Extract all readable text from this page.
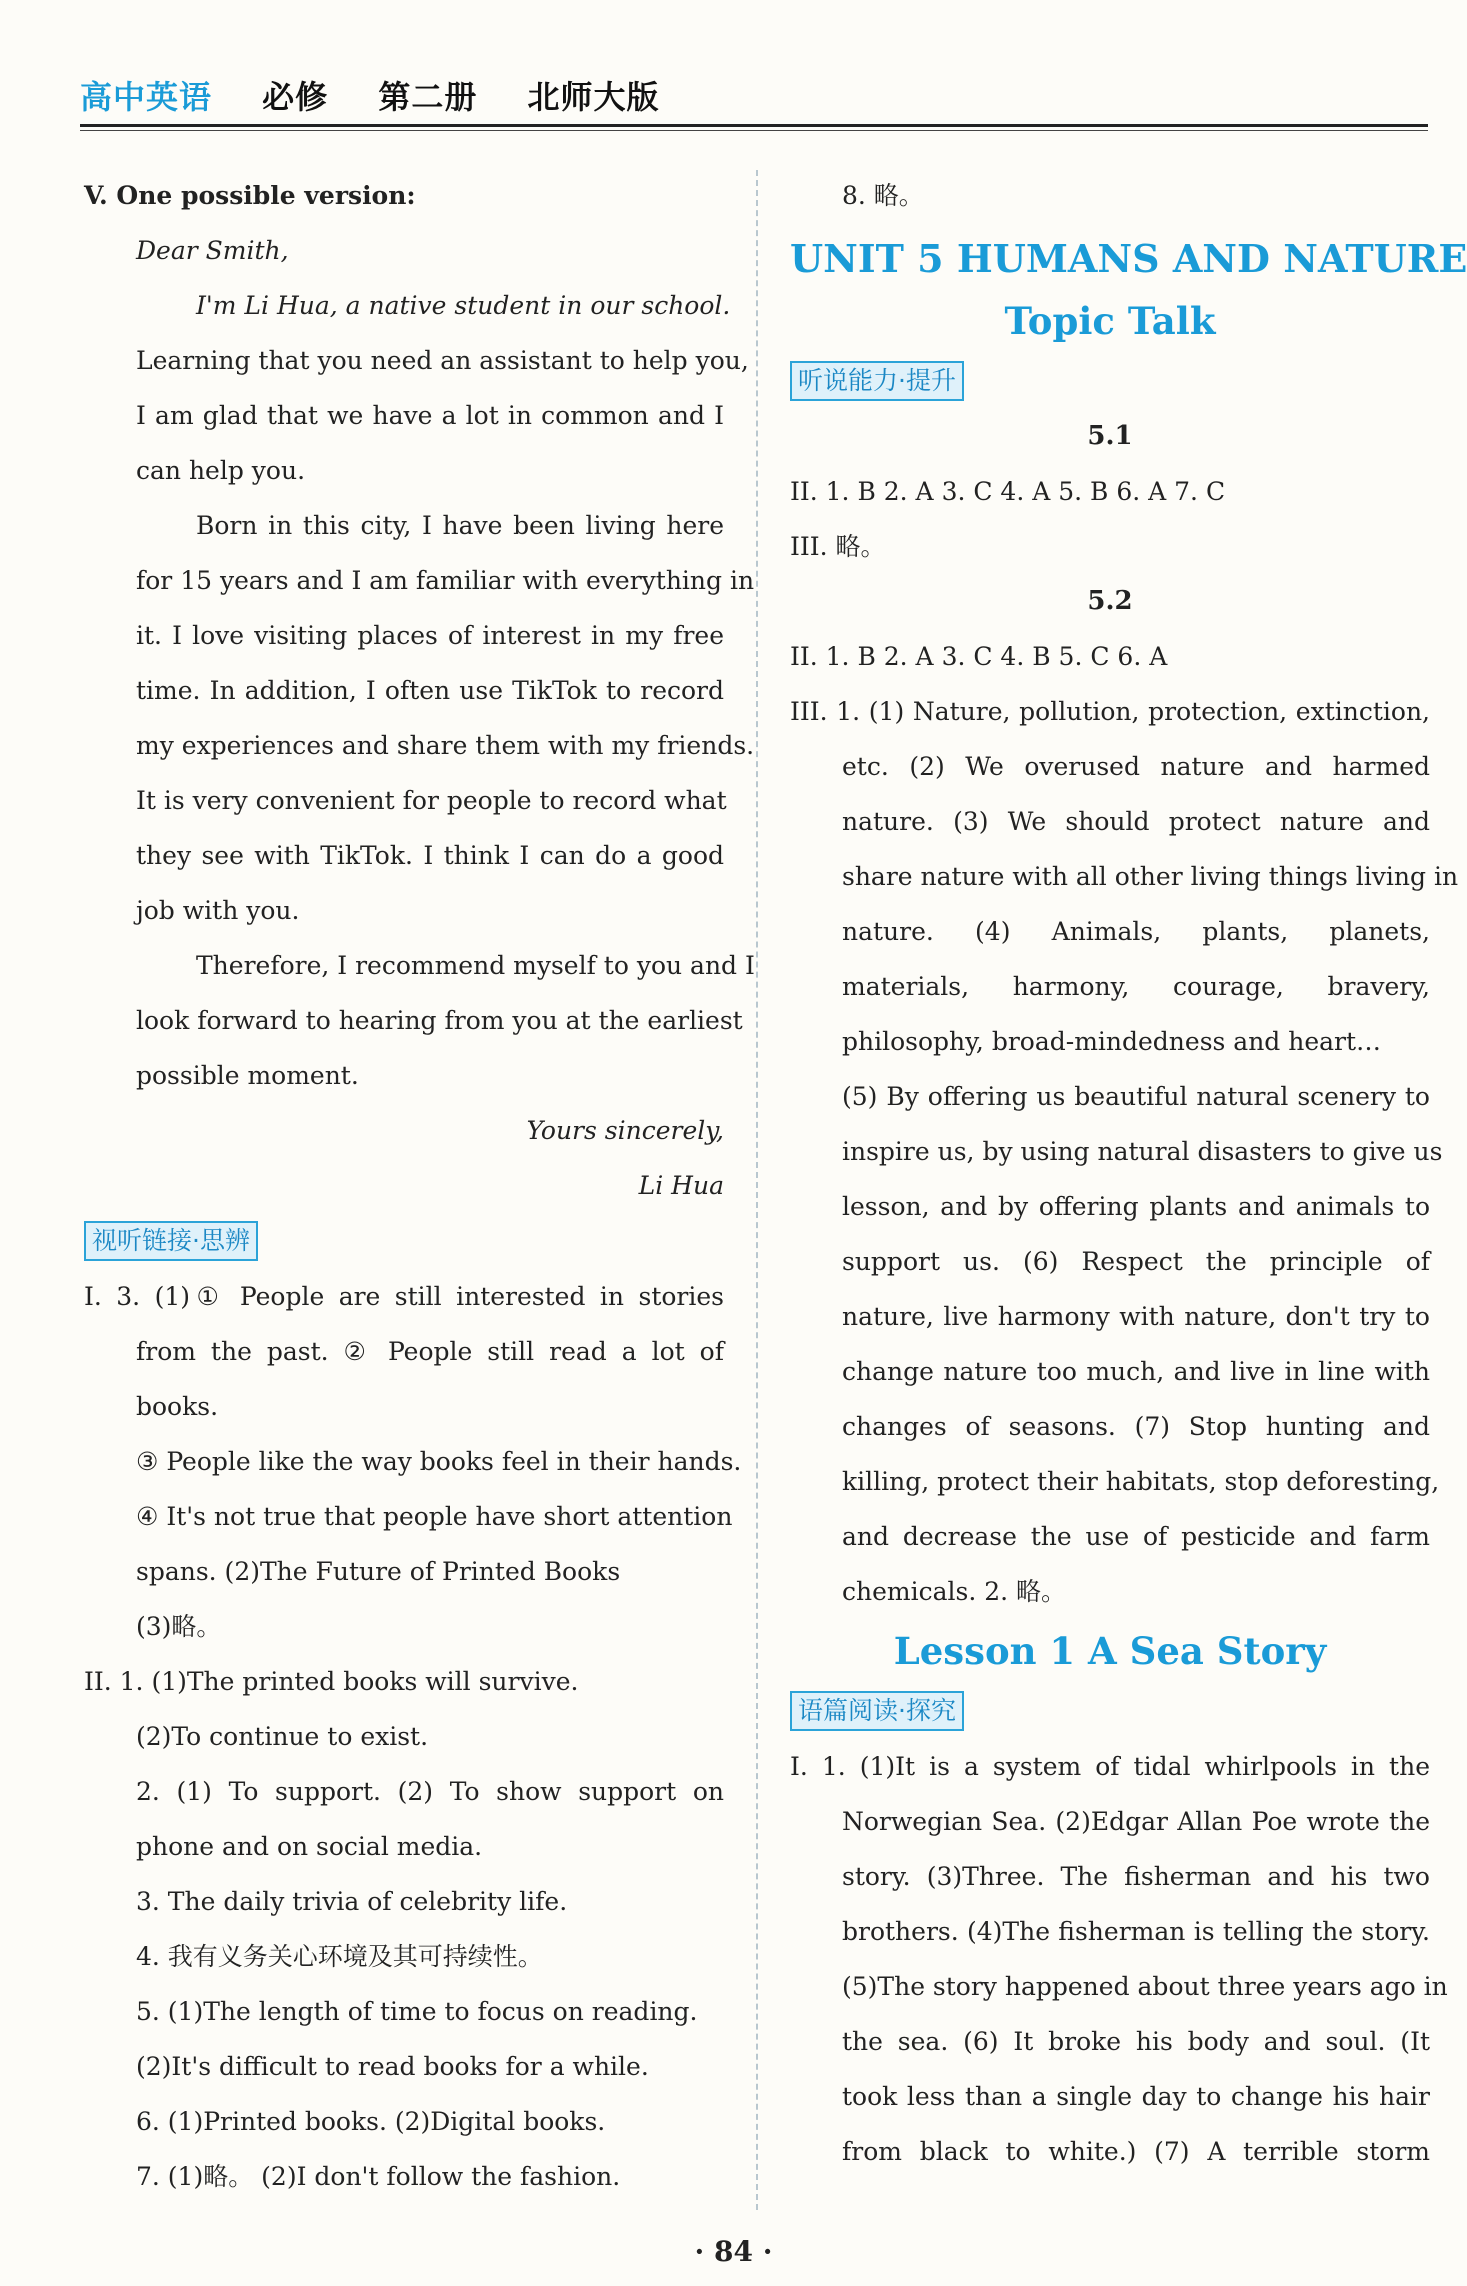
高中英语 必修 第二册 北师大版
V. One possible version:
Dear Smith,
I'm Li Hua, a native student in our school.
Learning that you need an assistant to help you,
I am glad that we have a lot in common and I
can help you.
Born in this city, I have been living here
for 15 years and I am familiar with everything in
it. I love visiting places of interest in my free
time. In addition, I often use TikTok to record
my experiences and share them with my friends.
It is very convenient for people to record what
they see with TikTok. I think I can do a good
job with you.
Therefore, I recommend myself to you and I
look forward to hearing from you at the earliest
possible moment.
Yours sincerely,
Li Hua
视听链接·思辨
I. 3. (1)① People are still interested in stories
from the past. ② People still read a lot of
books.
③ People like the way books feel in their hands.
④ It's not true that people have short attention
spans. (2)The Future of Printed Books
(3)略。
II. 1. (1)The printed books will survive.
(2)To continue to exist.
2. (1) To support. (2) To show support on
phone and on social media.
3. The daily trivia of celebrity life.
4. 我有义务关心环境及其可持续性。
5. (1)The length of time to focus on reading.
(2)It's difficult to read books for a while.
6. (1)Printed books. (2)Digital books.
7. (1)略。 (2)I don't follow the fashion.
8. 略。
UNIT 5 HUMANS AND NATURE
Topic Talk
听说能力·提升
5.1
II. 1. B 2. A 3. C 4. A 5. B 6. A 7. C
III. 略。
5.2
II. 1. B 2. A 3. C 4. B 5. C 6. A
III. 1. (1) Nature, pollution, protection, extinction,
etc. (2) We overused nature and harmed
nature. (3) We should protect nature and
share nature with all other living things living in
nature. (4) Animals, plants, planets,
materials, harmony, courage, bravery,
philosophy, broad-mindedness and heart…
(5) By offering us beautiful natural scenery to
inspire us, by using natural disasters to give us
lesson, and by offering plants and animals to
support us. (6) Respect the principle of
nature, live harmony with nature, don't try to
change nature too much, and live in line with
changes of seasons. (7) Stop hunting and
killing, protect their habitats, stop deforesting,
and decrease the use of pesticide and farm
chemicals. 2. 略。
Lesson 1 A Sea Story
语篇阅读·探究
I. 1. (1)It is a system of tidal whirlpools in the
Norwegian Sea. (2)Edgar Allan Poe wrote the
story. (3)Three. The fisherman and his two
brothers. (4)The fisherman is telling the story.
(5)The story happened about three years ago in
the sea. (6) It broke his body and soul. (It
took less than a single day to change his hair
from black to white.) (7) A terrible storm
· 84 ·
